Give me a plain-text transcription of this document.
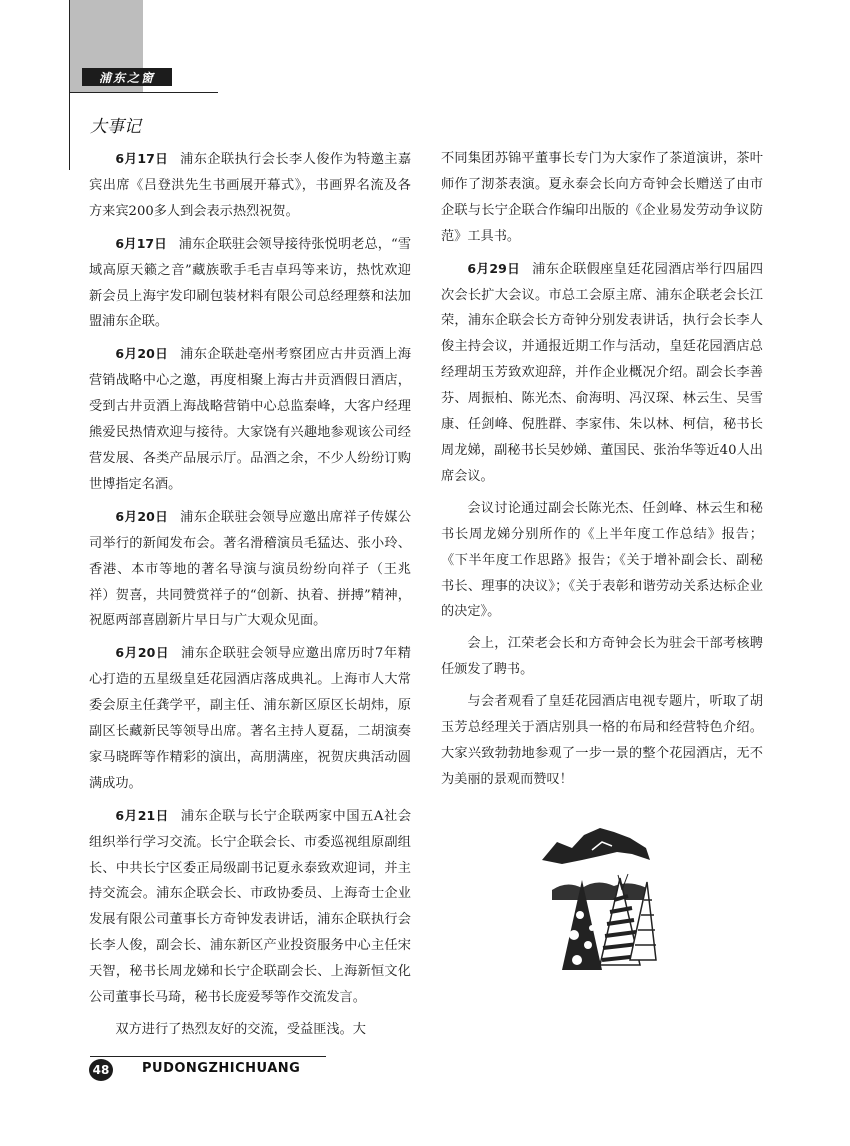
浦东之窗
大事记

6月17日 浦东企联执行会长李人俊作为特邀主嘉宾出席《吕登洪先生书画展开幕式》，书画界名流及各方来宾200多人到会表示热烈祝贺。

6月17日 浦东企联驻会领导接待张悦明老总，“雪域高原天籁之音”藏族歌手毛吉卓玛等来访，热忱欢迎新会员上海宇发印刷包装材料有限公司总经理蔡和法加盟浦东企联。

6月20日 浦东企联赴亳州考察团应古井贡酒上海营销战略中心之邀，再度相聚上海古井贡酒假日酒店，受到古井贡酒上海战略营销中心总监秦峰，大客户经理熊爱民热情欢迎与接待。大家饶有兴趣地参观该公司经营发展、各类产品展示厅。品酒之余，不少人纷纷订购世博指定名酒。

6月20日 浦东企联驻会领导应邀出席祥子传媒公司举行的新闻发布会。著名滑稽演员毛猛达、张小玲、香港、本市等地的著名导演与演员纷纷向祥子（王兆祥）贺喜，共同赞赏祥子的“创新、执着、拼搏”精神，祝愿两部喜剧新片早日与广大观众见面。

6月20日 浦东企联驻会领导应邀出席历时7年精心打造的五星级皇廷花园酒店落成典礼。上海市人大常委会原主任龚学平，副主任、浦东新区原区长胡炜，原副区长藏新民等领导出席。著名主持人夏磊，二胡演奏家马晓晖等作精彩的演出，高朋满座，祝贺庆典活动圆满成功。

6月21日 浦东企联与长宁企联两家中国五A社会组织举行学习交流。长宁企联会长、市委巡视组原副组长、中共长宁区委正局级副书记夏永泰致欢迎词，并主持交流会。浦东企联会长、市政协委员、上海奇士企业发展有限公司董事长方奇钟发表讲话，浦东企联执行会长李人俊，副会长、浦东新区产业投资服务中心主任宋天智，秘书长周龙娣和长宁企联副会长、上海新恒文化公司董事长马琦，秘书长庞爱琴等作交流发言。

双方进行了热烈友好的交流，受益匪浅。大

不同集团苏锦平董事长专门为大家作了茶道演讲，茶叶师作了沏茶表演。夏永泰会长向方奇钟会长赠送了由市企联与长宁企联合作编印出版的《企业易发劳动争议防范》工具书。

6月29日 浦东企联假座皇廷花园酒店举行四届四次会长扩大会议。市总工会原主席、浦东企联老会长江荣，浦东企联会长方奇钟分别发表讲话，执行会长李人俊主持会议，并通报近期工作与活动，皇廷花园酒店总经理胡玉芳致欢迎辞，并作企业概况介绍。副会长李善芬、周振柏、陈光杰、俞海明、冯汉琛、林云生、吴雪康、任剑峰、倪胜群、李家伟、朱以林、柯信，秘书长周龙娣，副秘书长吴妙娣、董国民、张治华等近40人出席会议。

会议讨论通过副会长陈光杰、任剑峰、林云生和秘书长周龙娣分别所作的《上半年度工作总结》报告；《下半年度工作思路》报告；《关于增补副会长、副秘书长、理事的决议》；《关于表彰和谐劳动关系达标企业的决定》。

会上，江荣老会长和方奇钟会长为驻会干部考核聘任颁发了聘书。

与会者观看了皇廷花园酒店电视专题片，听取了胡玉芳总经理关于酒店别具一格的布局和经营特色介绍。大家兴致勃勃地参观了一步一景的整个花园酒店，无不为美丽的景观而赞叹！

48	PUDONGZHICHUANG
